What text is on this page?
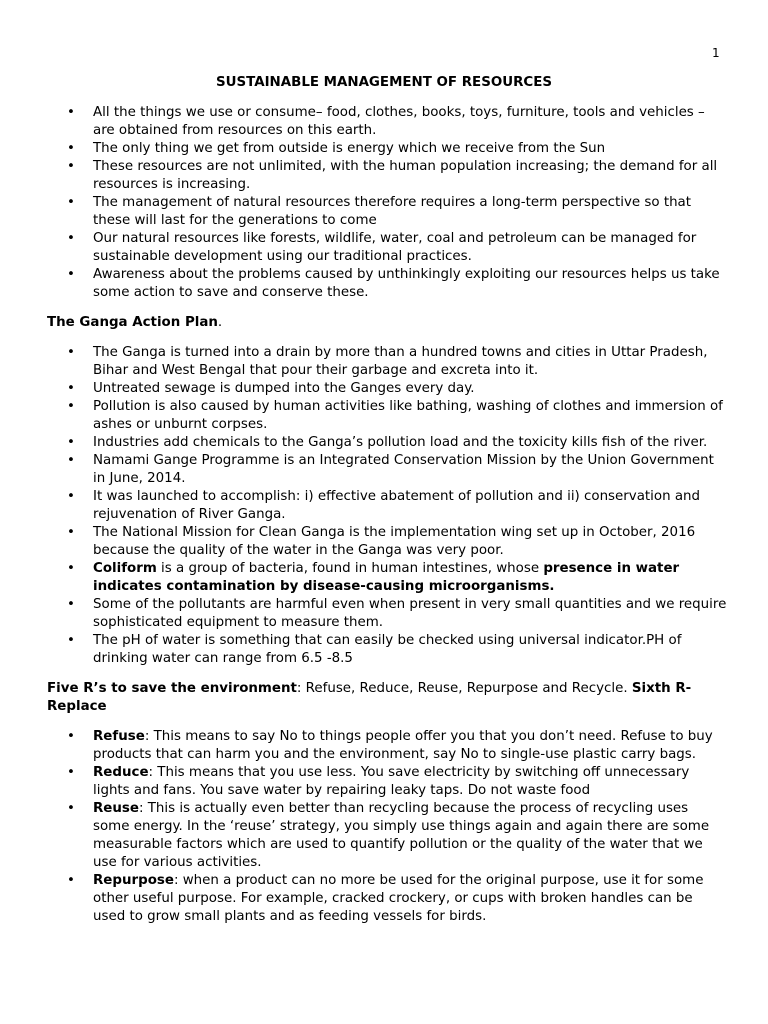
1
SUSTAINABLE MANAGEMENT OF RESOURCES
• All the things we use or consume– food, clothes, books, toys, furniture, tools and vehicles – are obtained from resources on this earth.
• The only thing we get from outside is energy which we receive from the Sun
• These resources are not unlimited, with the human population increasing; the demand for all resources is increasing.
• The management of natural resources therefore requires a long-term perspective so that these will last for the generations to come
• Our natural resources like forests, wildlife, water, coal and petroleum can be managed for sustainable development using our traditional practices.
• Awareness about the problems caused by unthinkingly exploiting our resources helps us take some action to save and conserve these.

The Ganga Action Plan.

• The Ganga is turned into a drain by more than a hundred towns and cities in Uttar Pradesh, Bihar and West Bengal that pour their garbage and excreta into it.
• Untreated sewage is dumped into the Ganges every day.
• Pollution is also caused by human activities like bathing, washing of clothes and immersion of ashes or unburnt corpses.
• Industries add chemicals to the Ganga’s pollution load and the toxicity kills fish of the river.
• Namami Gange Programme is an Integrated Conservation Mission by the Union Government in June, 2014.
• It was launched to accomplish: i) effective abatement of pollution and ii) conservation and rejuvenation of River Ganga.
• The National Mission for Clean Ganga is the implementation wing set up in October, 2016 because the quality of the water in the Ganga was very poor.
• Coliform is a group of bacteria, found in human intestines, whose presence in water indicates contamination by disease-causing microorganisms.
• Some of the pollutants are harmful even when present in very small quantities and we require sophisticated equipment to measure them.
• The pH of water is something that can easily be checked using universal indicator.PH of drinking water can range from 6.5 -8.5

Five R’s to save the environment: Refuse, Reduce, Reuse, Repurpose and Recycle. Sixth R-Replace

• Refuse: This means to say No to things people offer you that you don’t need. Refuse to buy products that can harm you and the environment, say No to single-use plastic carry bags.
• Reduce: This means that you use less. You save electricity by switching off unnecessary lights and fans. You save water by repairing leaky taps. Do not waste food
• Reuse: This is actually even better than recycling because the process of recycling uses some energy. In the ‘reuse’ strategy, you simply use things again and again there are some measurable factors which are used to quantify pollution or the quality of the water that we use for various activities.
• Repurpose: when a product can no more be used for the original purpose, use it for some other useful purpose. For example, cracked crockery, or cups with broken handles can be used to grow small plants and as feeding vessels for birds.
